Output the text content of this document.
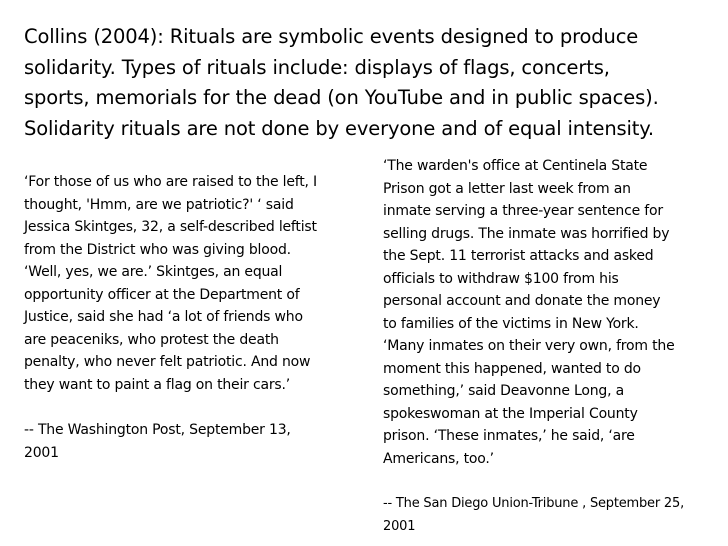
Collins (2004): Rituals are symbolic events designed to produce
solidarity. Types of rituals include: displays of flags, concerts,
sports, memorials for the dead (on YouTube and in public spaces).
Solidarity rituals are not done by everyone and of equal intensity.
‘For those of us who are raised to the left, I
thought, 'Hmm, are we patriotic?' ‘ said
Jessica Skintges, 32, a self-described leftist
from the District who was giving blood.
‘Well, yes, we are.’ Skintges, an equal
opportunity officer at the Department of
Justice, said she had ‘a lot of friends who
are peaceniks, who protest the death
penalty, who never felt patriotic. And now
they want to paint a flag on their cars.’
-- The Washington Post, September 13,
2001
‘The warden's office at Centinela State
Prison got a letter last week from an
inmate serving a three-year sentence for
selling drugs. The inmate was horrified by
the Sept. 11 terrorist attacks and asked
officials to withdraw $100 from his
personal account and donate the money
to families of the victims in New York.
‘Many inmates on their very own, from the
moment this happened, wanted to do
something,’ said Deavonne Long, a
spokeswoman at the Imperial County
prison. ‘These inmates,’ he said, ‘are
Americans, too.’
-- The San Diego Union-Tribune , September 25,
2001
